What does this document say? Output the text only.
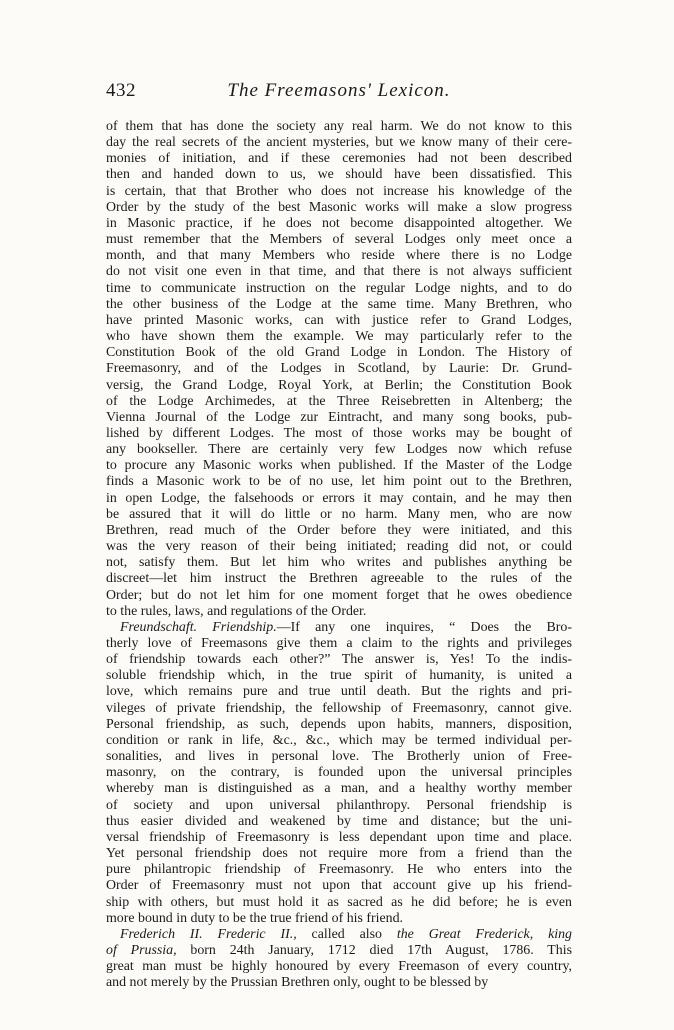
432	The Freemasons' Lexicon.
of them that has done the society any real harm. We do not know to this
day the real secrets of the ancient mysteries, but we know many of their cere-
monies of initiation, and if these ceremonies had not been described
then and handed down to us, we should have been dissatisfied. This
is certain, that that Brother who does not increase his knowledge of the
Order by the study of the best Masonic works will make a slow progress
in Masonic practice, if he does not become disappointed altogether. We
must remember that the Members of several Lodges only meet once a
month, and that many Members who reside where there is no Lodge
do not visit one even in that time, and that there is not always sufficient
time to communicate instruction on the regular Lodge nights, and to do
the other business of the Lodge at the same time. Many Brethren, who
have printed Masonic works, can with justice refer to Grand Lodges,
who have shown them the example. We may particularly refer to the
Constitution Book of the old Grand Lodge in London. The History of
Freemasonry, and of the Lodges in Scotland, by Laurie: Dr. Grund-
versig, the Grand Lodge, Royal York, at Berlin; the Constitution Book
of the Lodge Archimedes, at the Three Reisebretten in Altenberg; the
Vienna Journal of the Lodge zur Eintracht, and many song books, pub-
lished by different Lodges. The most of those works may be bought of
any bookseller. There are certainly very few Lodges now which refuse
to procure any Masonic works when published. If the Master of the Lodge
finds a Masonic work to be of no use, let him point out to the Brethren,
in open Lodge, the falsehoods or errors it may contain, and he may then
be assured that it will do little or no harm. Many men, who are now
Brethren, read much of the Order before they were initiated, and this
was the very reason of their being initiated; reading did not, or could
not, satisfy them. But let him who writes and publishes anything be
discreet—let him instruct the Brethren agreeable to the rules of the
Order; but do not let him for one moment forget that he owes obedience
to the rules, laws, and regulations of the Order.
Freundschaft. Friendship.—If any one inquires, “ Does the Bro-
therly love of Freemasons give them a claim to the rights and privileges
of friendship towards each other?” The answer is, Yes! To the indis-
soluble friendship which, in the true spirit of humanity, is united a
love, which remains pure and true until death. But the rights and pri-
vileges of private friendship, the fellowship of Freemasonry, cannot give.
Personal friendship, as such, depends upon habits, manners, disposition,
condition or rank in life, &c., &c., which may be termed individual per-
sonalities, and lives in personal love. The Brotherly union of Free-
masonry, on the contrary, is founded upon the universal principles
whereby man is distinguished as a man, and a healthy worthy member
of society and upon universal philanthropy. Personal friendship is
thus easier divided and weakened by time and distance; but the uni-
versal friendship of Freemasonry is less dependant upon time and place.
Yet personal friendship does not require more from a friend than the
pure philantropic friendship of Freemasonry. He who enters into the
Order of Freemasonry must not upon that account give up his friend-
ship with others, but must hold it as sacred as he did before; he is even
more bound in duty to be the true friend of his friend.
Frederich II. Frederic II., called also the Great Frederick, king
of Prussia, born 24th January, 1712 died 17th August, 1786. This
great man must be highly honoured by every Freemason of every country,
and not merely by the Prussian Brethren only, ought to be blessed by
